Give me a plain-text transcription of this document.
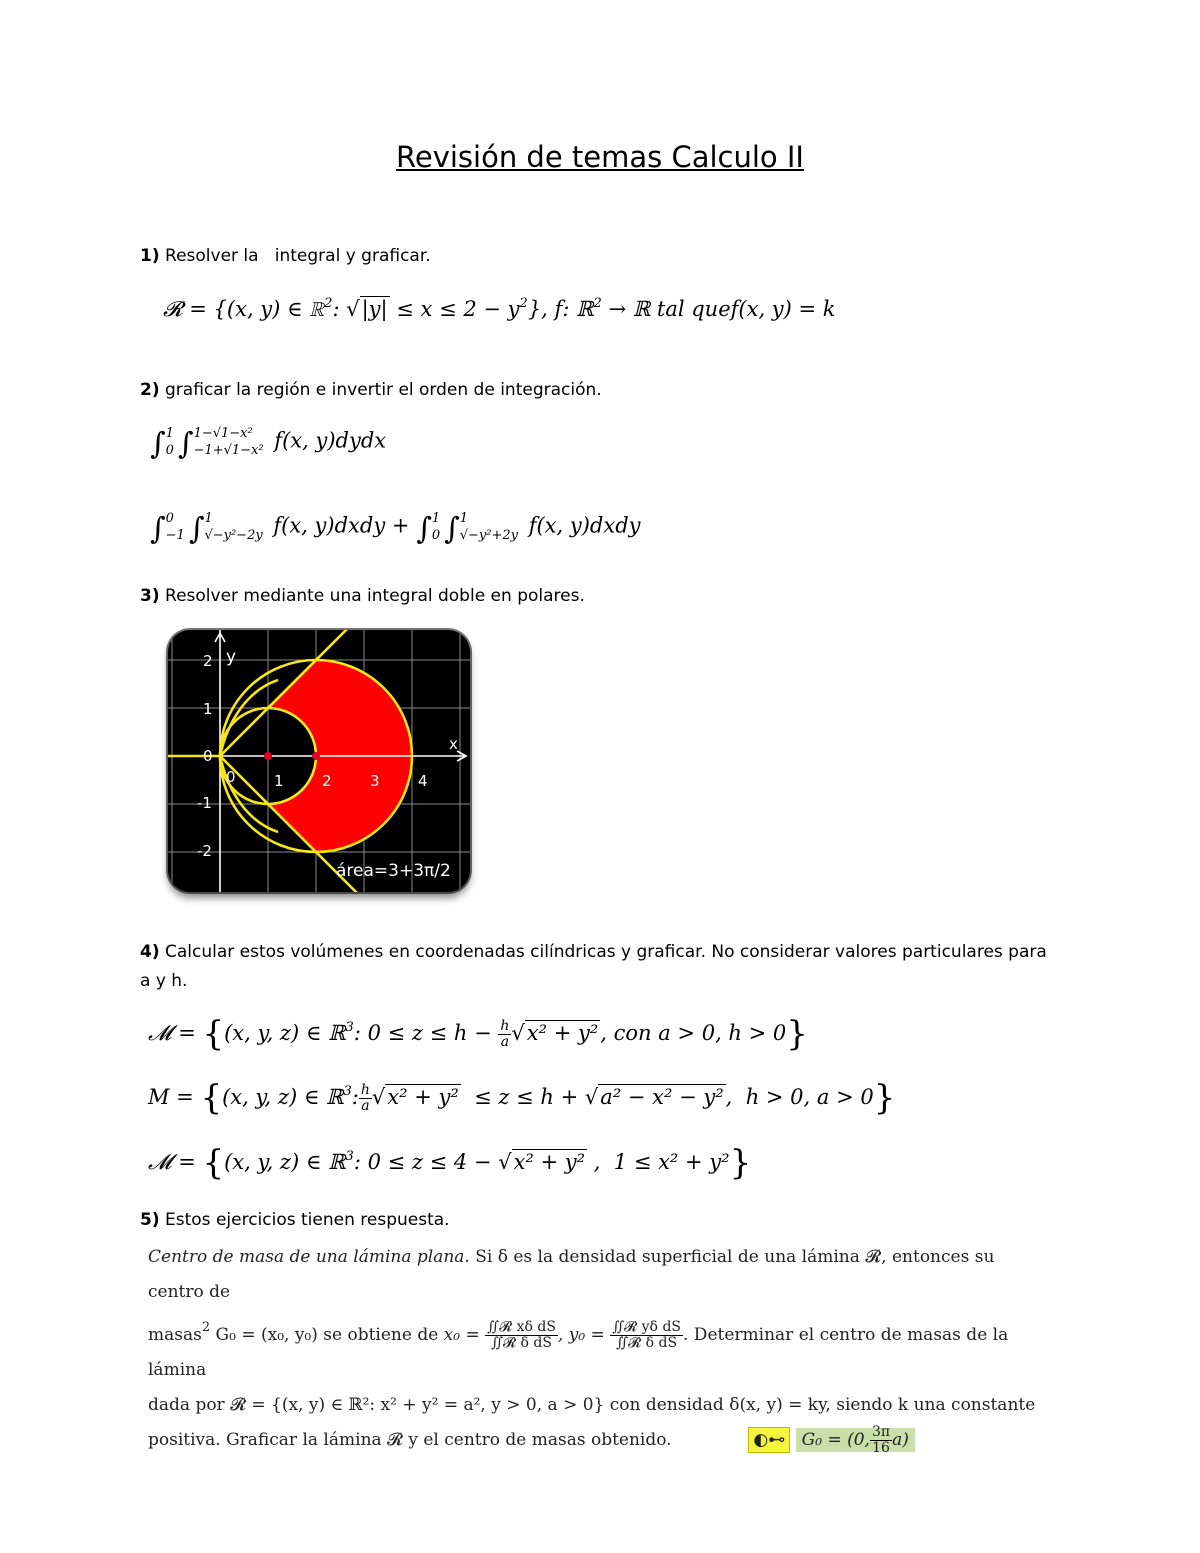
Revisión de temas Calculo II
1) Resolver la   integral y graficar.
𝓡 = {(x, y) ∈ ℝ$^2$: $√|y| \le x \le 2 - y^2$}, f: ℝ$^2$ → ℝ tal quef(x, y) = k
2) graficar la región e invertir el orden de integración.
∫ 1
0 ∫ 1−√1−x²
−1+√1−x² f(x, y)dydx
∫ 0
−1 ∫ 1
√−y²−2y f(x, y)dxdy + ∫ 1
0 ∫ 1
√−y²+2y f(x, y)dxdy
3) Resolver mediante una integral doble en polares.
y
x
2
1
0
-1
-2
0	1	2	3	4
área=3+3π/2
4) Calcular estos volúmenes en coordenadas cilíndricas y graficar. No considerar valores particulares para
a y h.
𝓜 = {(x, y, z) ∈ ℝ$^3$: $0 \le z \le h - \frac{h}{a} √x^2 + y^2$, con a > 0, h > 0}
M = {(x, y, z) ∈ ℝ$^3$: $\frac{h}{a} √x^2 + y^2 \le z \le h + √a^2 - x^2 - y^2$,  h > 0, a > 0}
𝓜 = {(x, y, z) ∈ ℝ$^3$: 0 ≤ z ≤ 4 − √x² + y² ,  1 ≤ x² + y²}
5) Estos ejercicios tienen respuesta.
Centro de masa de una lámina plana. Si δ es la densidad superficial de una lámina 𝓡, entonces su centro de
masas$^2$ G₀ = (x₀, y₀) se obtiene de $x_0 = \frac{\text{∬𝓡 xδ dS}}{\text{∬𝓡 δ dS}}$ , $y_0 = \frac{\text{∬𝓡 yδ dS}}{\text{∬𝓡 δ dS}}$ . Determinar el centro de masas de la lámina
dada por 𝓡 = {(x, y) ∈ ℝ²: x² + y² = a², y > 0, a > 0} con densidad δ(x, y) = ky, siendo k una constante
positiva. Graficar la lámina 𝓡 y el centro de masas obtenido.	◐⊷ G₀ = (0, $\frac{3\pi}{16} a$)
